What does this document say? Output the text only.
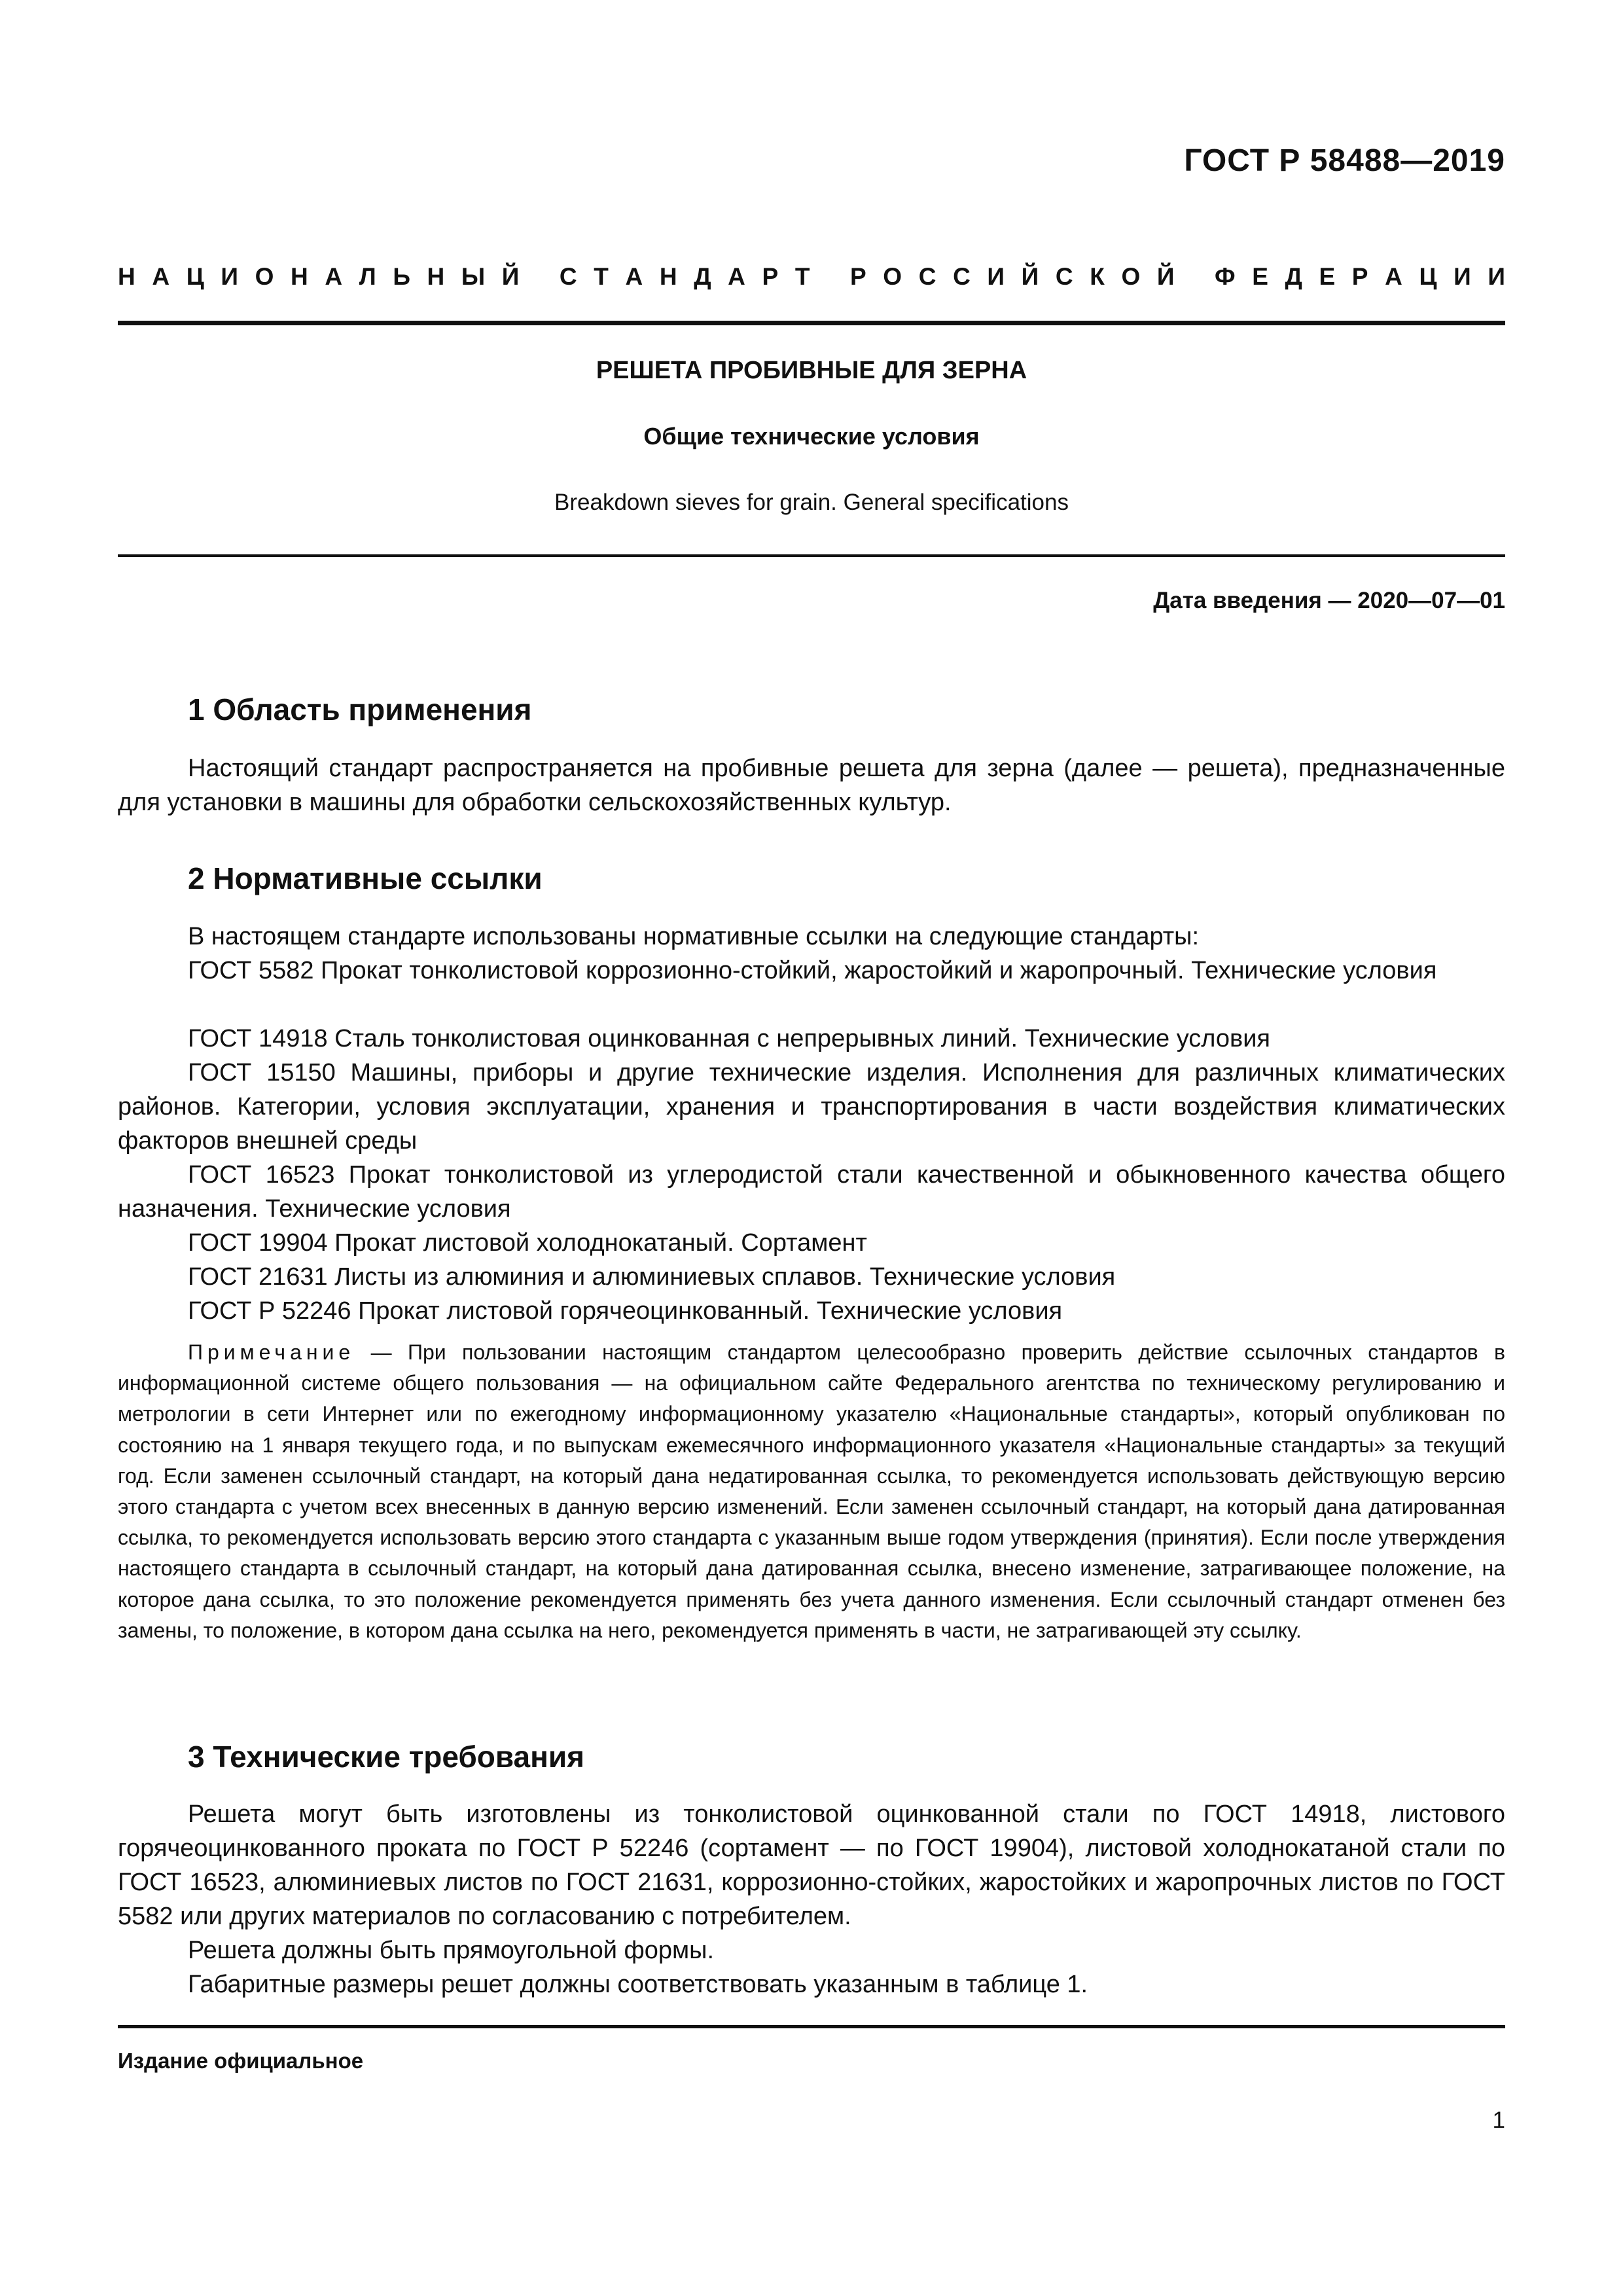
ГОСТ Р 58488—2019
Н А Ц И О Н А Л Ь Н Ы Й
С Т А Н Д А Р Т
Р О С С И Й С К О Й
Ф Е Д Е Р А Ц И И
РЕШЕТА ПРОБИВНЫЕ ДЛЯ ЗЕРНА
Общие технические условия
Breakdown sieves for grain. General specifications
Дата введения — 2020—07—01
1 Область применения
Настоящий стандарт распространяется на пробивные решета для зерна (далее — решета), предназначенные для установки в машины для обработки сельскохозяйственных культур.
2 Нормативные ссылки
В настоящем стандарте использованы нормативные ссылки на следующие стандарты:
ГОСТ 5582 Прокат тонколистовой коррозионно-стойкий, жаростойкий и жаропрочный. Технические условия
ГОСТ 14918 Сталь тонколистовая оцинкованная с непрерывных линий. Технические условия
ГОСТ 15150 Машины, приборы и другие технические изделия. Исполнения для различных климатических районов. Категории, условия эксплуатации, хранения и транспортирования в части воздействия климатических факторов внешней среды
ГОСТ 16523 Прокат тонколистовой из углеродистой стали качественной и обыкновенного качества общего назначения. Технические условия
ГОСТ 19904 Прокат листовой холоднокатаный. Сортамент
ГОСТ 21631 Листы из алюминия и алюминиевых сплавов. Технические условия
ГОСТ Р 52246 Прокат листовой горячеоцинкованный. Технические условия
Примечание — При пользовании настоящим стандартом целесообразно проверить действие ссылочных стандартов в информационной системе общего пользования — на официальном сайте Федерального агентства по техническому регулированию и метрологии в сети Интернет или по ежегодному информационному указателю «Национальные стандарты», который опубликован по состоянию на 1 января текущего года, и по выпускам ежемесячного информационного указателя «Национальные стандарты» за текущий год. Если заменен ссылочный стандарт, на который дана недатированная ссылка, то рекомендуется использовать действующую версию этого стандарта с учетом всех внесенных в данную версию изменений. Если заменен ссылочный стандарт, на который дана датированная ссылка, то рекомендуется использовать версию этого стандарта с указанным выше годом утверждения (принятия). Если после утверждения настоящего стандарта в ссылочный стандарт, на который дана датированная ссылка, внесено изменение, затрагивающее положение, на которое дана ссылка, то это положение рекомендуется применять без учета данного изменения. Если ссылочный стандарт отменен без замены, то положение, в котором дана ссылка на него, рекомендуется применять в части, не затрагивающей эту ссылку.
3 Технические требования
Решета могут быть изготовлены из тонколистовой оцинкованной стали по ГОСТ 14918, листового горячеоцинкованного проката по ГОСТ Р 52246 (сортамент — по ГОСТ 19904), листовой холоднокатаной стали по ГОСТ 16523, алюминиевых листов по ГОСТ 21631, коррозионно-стойких, жаростойких и жаропрочных листов по ГОСТ 5582 или других материалов по согласованию с потребителем.
Решета должны быть прямоугольной формы.
Габаритные размеры решет должны соответствовать указанным в таблице 1.
Издание официальное
1
